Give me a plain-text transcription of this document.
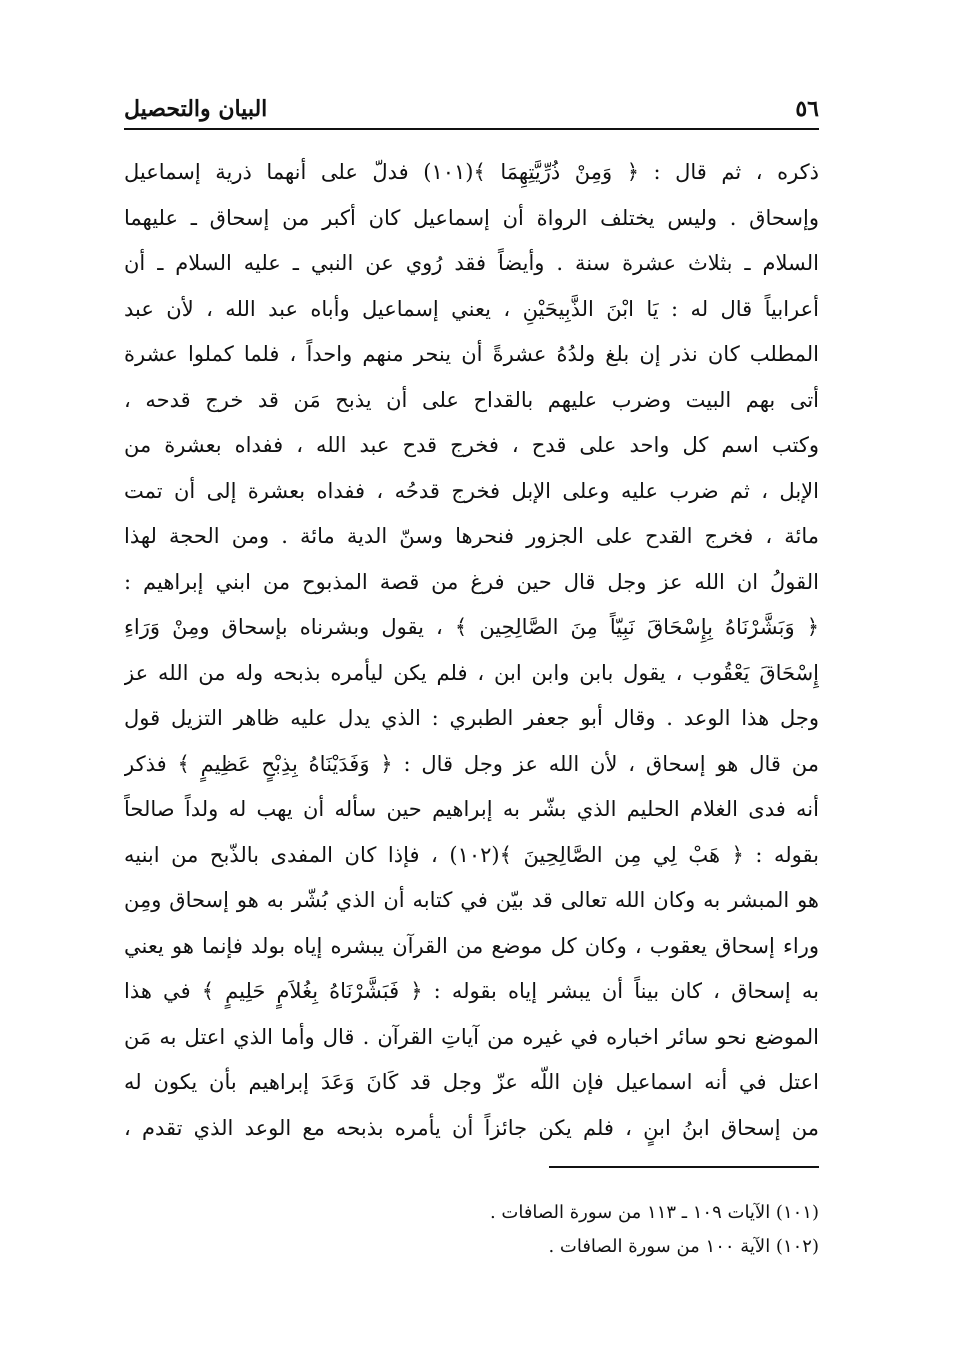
٥٦
البيان والتحصيل
ذكره ، ثم قال : ﴿ وَمِنْ ذُرِّيَّتِهِمَا ﴾(١٠١) فدلّ على أنهما ذرية إسماعيل
وإسحاق . وليس يختلف الرواة أن إسماعيل كان أكبر من إسحاق ـ عليهما
السلام ـ بثلاث عشرة سنة . وأيضاً فقد رُوي عن النبي ـ عليه السلام ـ أن
أعرابياً قال له : يَا ابْنَ الذَّبِيحَيْنِ ، يعني إسماعيل وأباه عبد الله ، لأن عبد
المطلب كان نذر إن بلغ ولدُهُ عشرةً أن ينحر منهم واحداً ، فلما كملوا عشرة
أتى بهم البيت وضرب عليهم بالقداح على أن يذبح مَن قد خرج قدحه ،
وكتب اسم كل واحد على قدح ، فخرج قدح عبد الله ، ففداه بعشرة من
الإبل ، ثم ضرب عليه وعلى الإبل فخرج قدحُه ، ففداه بعشرة إلى أن تمت
مائة ، فخرج القدح على الجزور فنحرها وسنّ الدية مائة . ومن الحجة لهذا
القولُ ان الله عز وجل قال حين فرغ من قصة المذبوح من ابني إبراهيم :
﴿ وَبَشَّرْنَاهُ بِإِسْحَاقَ نَبِيّاً مِنَ الصَّالِحِين ﴾ ، يقول وبشرناه بإسحاق ومِنْ وَرَاءِ
إِسْحَاقَ يَعْقُوب ، يقول بابن وابن ابن ، فلم يكن ليأمره بذبحه وله من الله عز
وجل هذا الوعد . وقال أبو جعفر الطبري : الذي يدل عليه ظاهر التزيل قول
من قال هو إسحاق ، لأن الله عز وجل قال : ﴿ وَفَدَيْنَاهُ بِذِبْحٍ عَظِيمٍ ﴾ فذكر
أنه فدى الغلام الحليم الذي بشّر به إبراهيم حين سأله أن يهب له ولداً صالحاً
بقوله : ﴿ هَبْ لِي مِن الصَّالِحِينَ ﴾(١٠٢) ، فإذا كان المفدى بالذّبح من ابنيه
هو المبشر به وكان الله تعالى قد بيّن في كتابه أن الذي بُشّر به هو إسحاق ومِن
وراء إسحاق يعقوب ، وكان كل موضع من القرآن يبشره إياه بولد فإنما هو يعني
به إسحاق ، كان بيناً أن يبشر إياه بقوله : ﴿ فَبَشَّرْنَاهُ بِغُلاَمٍ حَلِيمٍ ﴾ في هذا
الموضع نحو سائر اخباره في غيره من آياتِ القرآن . قال وأما الذي اعتل به مَن
اعتل في أنه اسماعيل فإن اللّه عزّ وجل قد كَانَ وَعَدَ إبراهيم بأن يكون له
من إسحاق ابنُ ابنٍ ، فلم يكن جائزاً أن يأمره بذبحه مع الوعد الذي تقدم ،
(١٠١) الآيات ١٠٩ ـ ١١٣ من سورة الصافات .
(١٠٢) الآية ١٠٠ من سورة الصافات .
